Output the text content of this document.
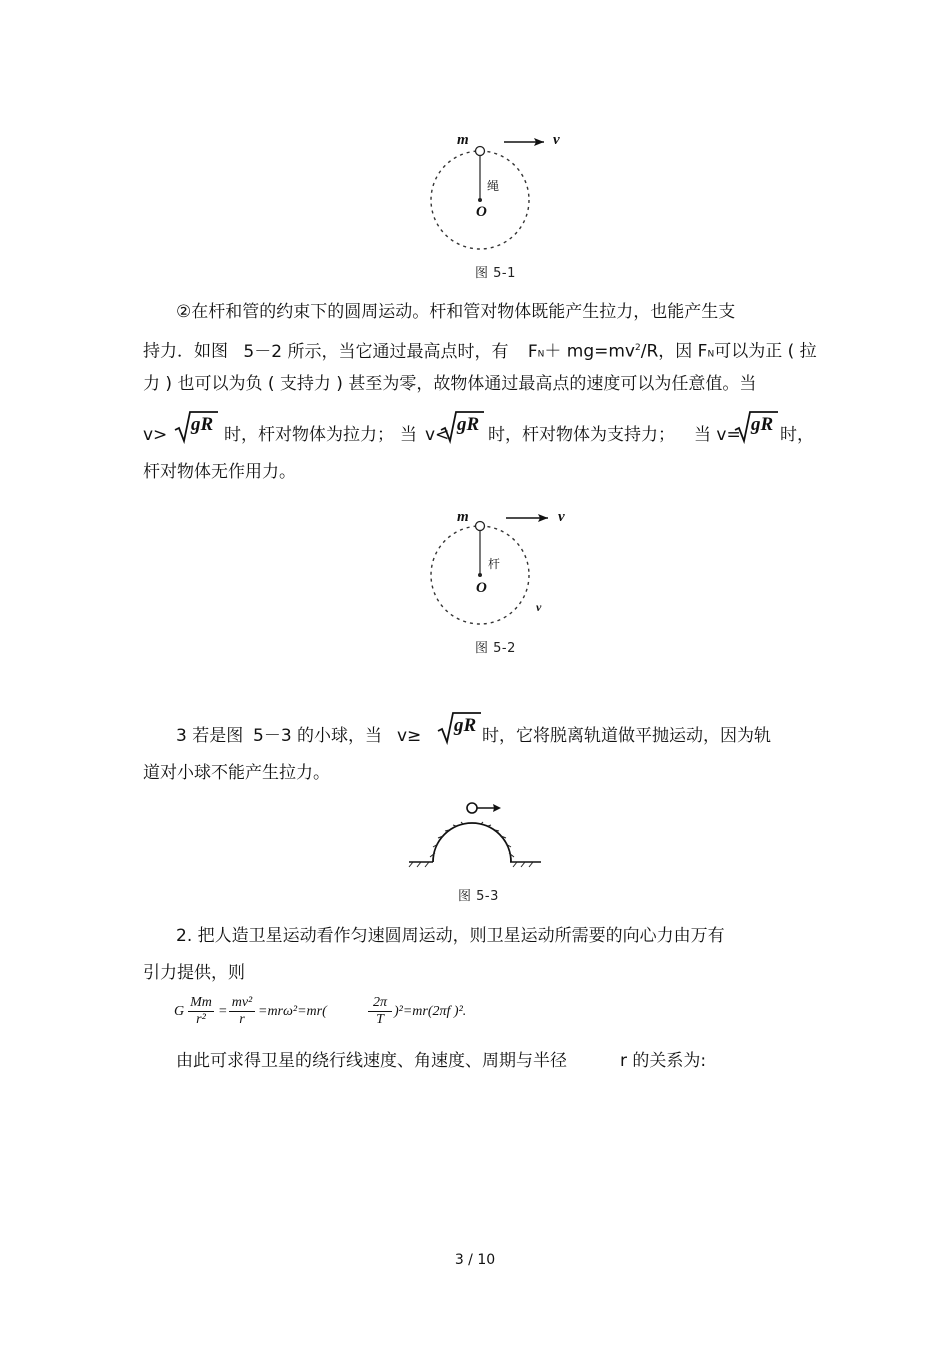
m	v
绳
O
图 5-1
②在杆和管的约束下的圆周运动。杆和管对物体既能产生拉力，也能产生支
持力．如图 5－2 所示，当它通过最高点时，有 $FN+ mg=mv^2/R$，因 FN可以为正 ( 拉
力 ) 也可以为负 ( 支持力 ) 甚至为零，故物体通过最高点的速度可以为任意值。当
v> gR 时，杆对物体为拉力； 当 v< gR 时，杆对物体为支持力； 当 v= gR 时，
杆对物体无作用力。
m	v
杆
O
v
图 5-2
3 若是图 5－3 的小球，当 v≥ gR 时，它将脱离轨道做平抛运动，因为轨
道对小球不能产生拉力。
图 5-3
2. 把人造卫星运动看作匀速圆周运动，则卫星运动所需要的向心力由万有
引力提供，则
G
Mm
r²
=
mv²
r
=mrω²=mr(
2π
T
)²=mr(2πf )².
由此可求得卫星的绕行线速度、角速度、周期与半径	r 的关系为:
3 / 10
